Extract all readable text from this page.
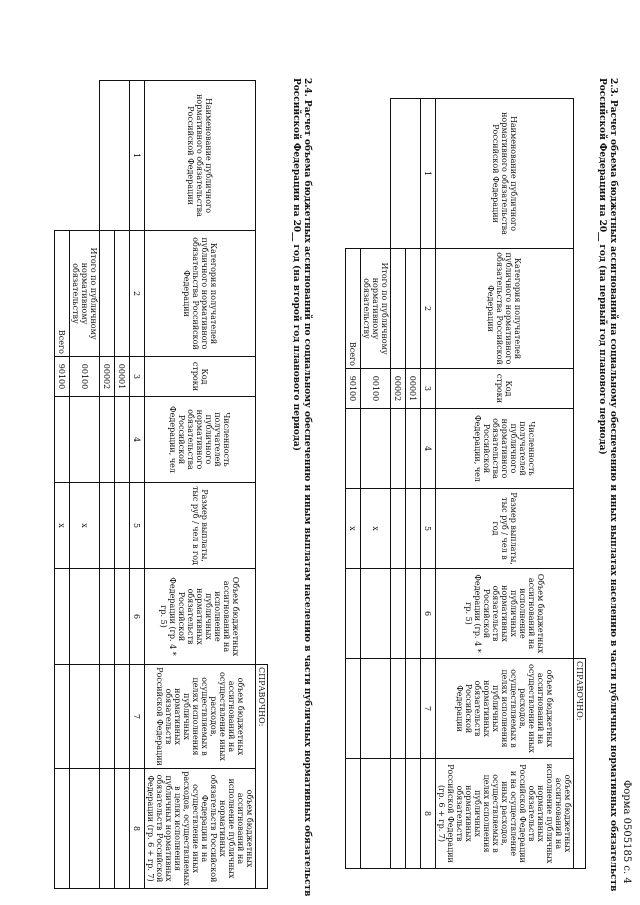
Форма 0505185 с. 4
2.3. Расчет объема бюджетных ассигнований на социальному обеспечению и иных выплатах населению в части публичных нормативных обязательств Российской Федерации на 20__ год (на первый год планового периода)
						СПРАВОЧНО:	
Наименование публичного нормативного обязательства Российской Федерации	Категория получателей публичного нормативного обязательства Российской Федерации	Код строки	Численность получателей публичного нормативного обязательства Российской Федерации, чел	Размер выплаты, тыс руб / чел в год	Объем бюджетных ассигнований на исполнение публичных нормативных обязательств Российской Федерации (гр. 4 * гр. 5)	объем бюджетных ассигнований на осуществление иных расходов, осуществляемых в целях исполнения публичных нормативных обязательств Российской Федерации	объем бюджетных ассигнований на исполнение публичных нормативных обязательств Российской Федерации и на осуществление иных расходов, осуществляемых в целях исполнения публичных нормативных обязательств Российской Федерации (гр. 6 + гр. 7)
1	2	3	4	5	6	7	8
		00001					
		00002					
	Итого по публичному нормативному обязательству	00100		x			
	Всего	90100		x			
2.4. Расчет объема бюджетных ассигнований по социальному обеспечению и иным выплатам населению в части публичных нормативных обязательств Российской Федерации на 20__ год (на второй год планового периода)
						СПРАВОЧНО:	
Наименование публичного нормативного обязательства Российской Федерации	Категория получателей публичного нормативного обязательства Российской Федерации	Код строки	Численность получателей публичного нормативного обязательства Российской Федерации, чел	Размер выплаты, тыс руб / чел в год	Объем бюджетных ассигнований на исполнение публичных нормативных обязательств Российской Федерации (гр. 4 * гр. 5)	объем бюджетных ассигнований на осуществление иных расходов, осуществляемых в целях исполнения публичных нормативных обязательств Российской Федерации	объем бюджетных ассигнований на исполнение публичных нормативных обязательств Российской Федерации и на осуществление иных расходов, осуществляемых в целях исполнения публичных нормативных обязательств Российской Федерации (гр. 6 + гр. 7)
1	2	3	4	5	6	7	8
		00001					
		00002					
	Итого по публичному нормативному обязательству	00100		x			
	Всего	90100		x			
